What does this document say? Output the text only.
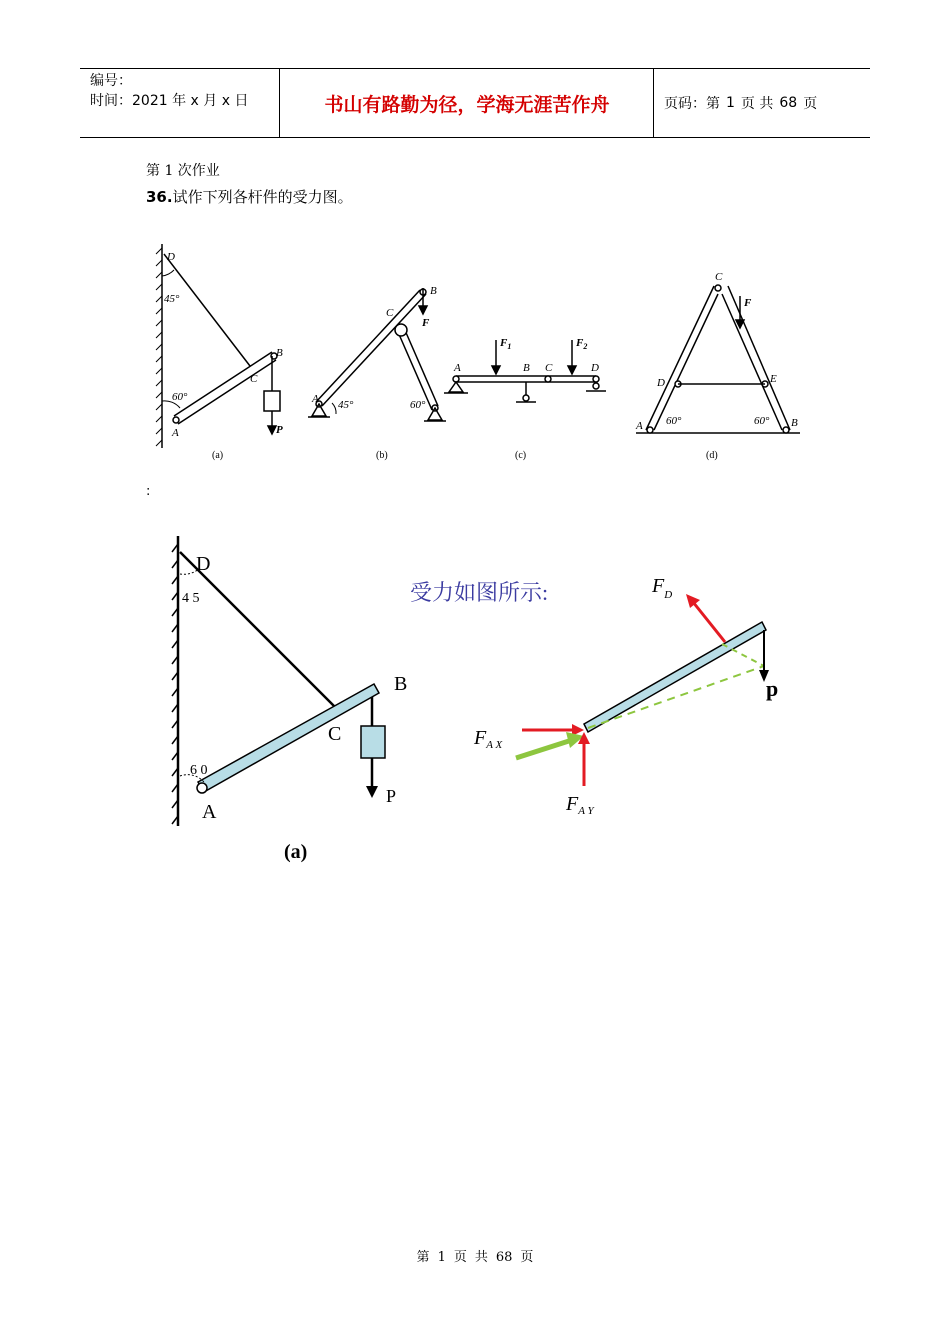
编号：
时间：2021 年 x 月 x 日	书山有路勤为径，学海无涯苦作舟	页码：第 1 页 共 68 页
第 1 次作业
36.试作下列各杆件的受力图。
D
45°
B
C
60°
A	P
(a)
B
C
F
A 45°	60°
(b)
$F_1$	$F_2$
A	B C	D
(c)
C
F
D	E
A 60°	60° B
(d)
:
D
4 5
B
C
6 0
A
P
(a)
受力如图所示:	$F_D$
p
$F_{A X}$
$F_{A Y}$
第 1 页 共 68 页
